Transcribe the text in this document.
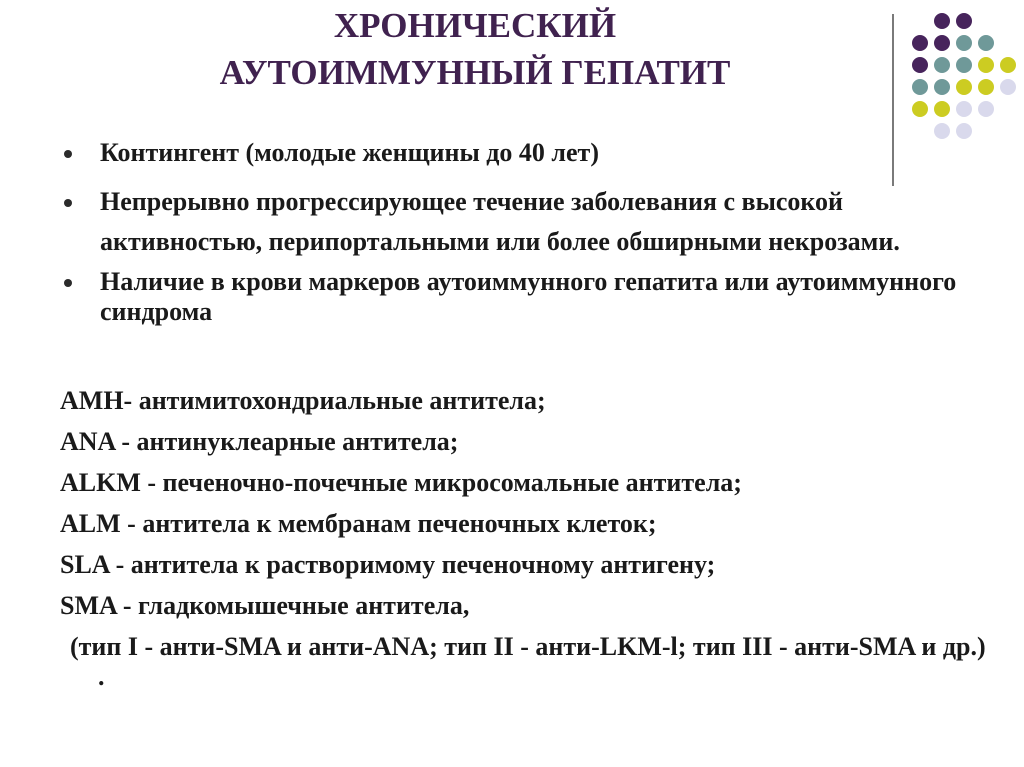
ХРОНИЧЕСКИЙ
АУТОИММУННЫЙ ГЕПАТИТ
Контингент (молодые женщины до 40 лет)
Непрерывно прогрессирующее течение заболевания с высокой активностью, перипортальными или более обширными некрозами.
Наличие в крови маркеров аутоиммунного гепатита или аутоиммунного синдрома
АМН- антимитохондриальные антитела;
ANA - антинуклеарные антитела;
ALKM - печеночно-почечные микросомальные антитела;
ALM - антитела к мембранам печеночных клеток;
SLA - антитела к растворимому печеночному антигену;
SMA - гладкомышечные антитела,
(тип I - анти-SMA и анти-ANA; тип II - анти-LKM-l; тип III - анти-SMA и др.) .
